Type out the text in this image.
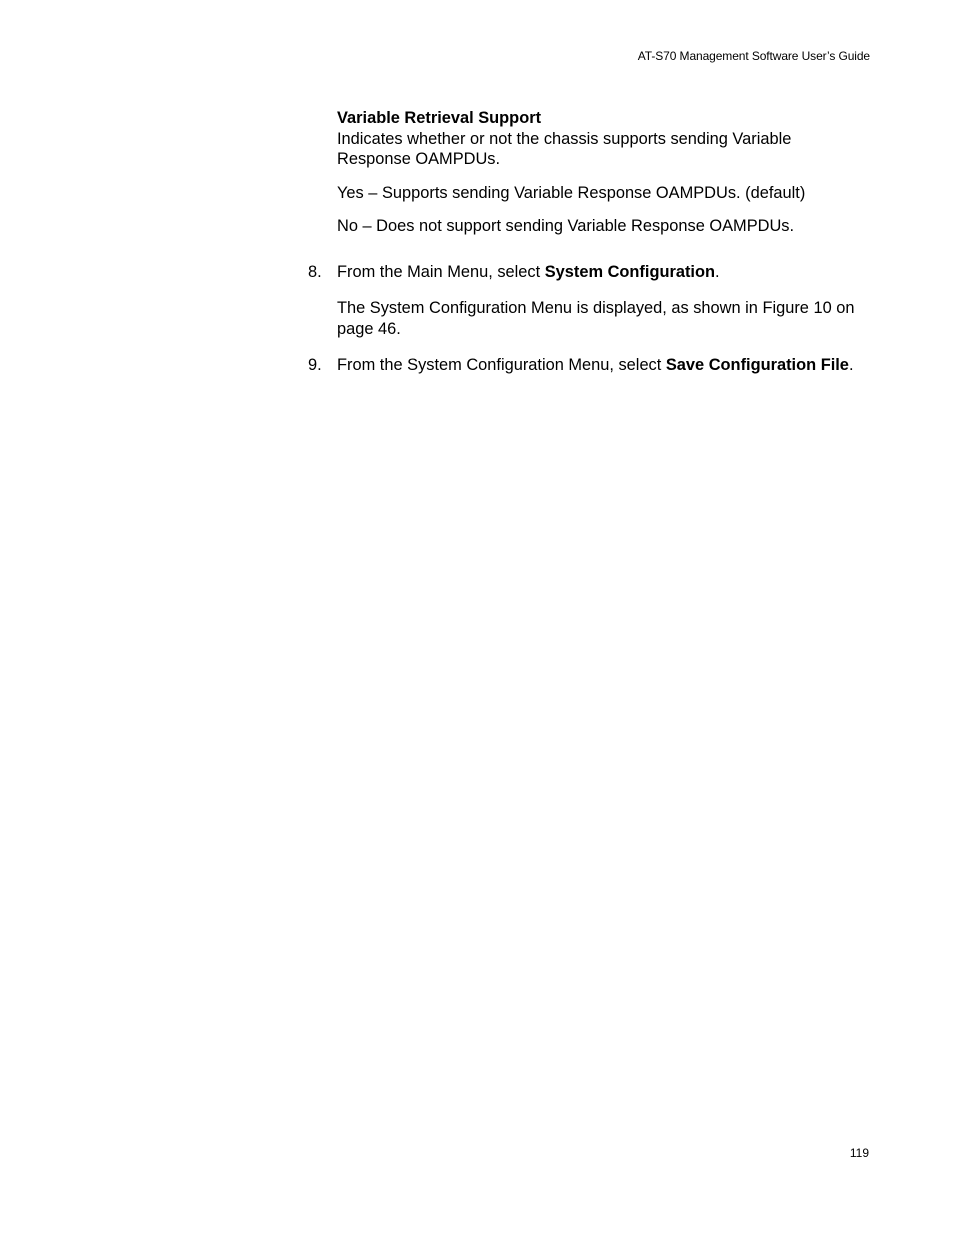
AT-S70 Management Software User’s Guide

Variable Retrieval Support

Indicates whether or not the chassis supports sending Variable Response OAMPDUs.

Yes – Supports sending Variable Response OAMPDUs. (default)

No – Does not support sending Variable Response OAMPDUs.

8. From the Main Menu, select System Configuration.

The System Configuration Menu is displayed, as shown in Figure 10 on page 46.

9. From the System Configuration Menu, select Save Configuration File.

119
